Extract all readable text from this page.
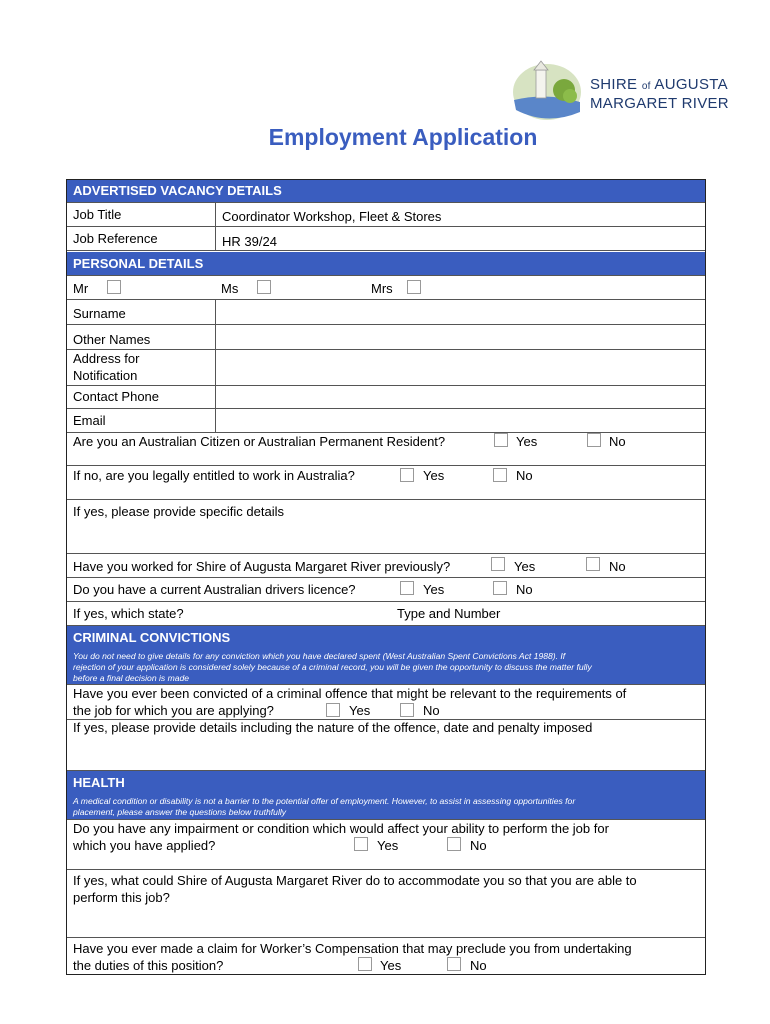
SHIRE of AUGUSTA
MARGARET RIVER
Employment Application
ADVERTISED VACANCY DETAILS
Job Title	Coordinator Workshop, Fleet & Stores
Job Reference	HR 39/24
PERSONAL DETAILS
Mr	Ms	Mrs
Surname
Other Names
Address for
Notification
Contact Phone
Email
Are you an Australian Citizen or Australian Permanent Resident?	Yes	No
If no, are you legally entitled to work in Australia?	Yes	No
If yes, please provide specific details
Have you worked for Shire of Augusta Margaret River previously?	Yes	No
Do you have a current Australian drivers licence?	Yes	No
If yes, which state?	Type and Number
CRIMINAL CONVICTIONS
You do not need to give details for any conviction which you have declared spent (West Australian Spent Convictions Act 1988). If
rejection of your application is considered solely because of a criminal record, you will be given the opportunity to discuss the matter fully
before a final decision is made
Have you ever been convicted of a criminal offence that might be relevant to the requirements of
the job for which you are applying?	Yes	No
If yes, please provide details including the nature of the offence, date and penalty imposed
HEALTH
A medical condition or disability is not a barrier to the potential offer of employment. However, to assist in assessing opportunities for
placement, please answer the questions below truthfully
Do you have any impairment or condition which would affect your ability to perform the job for
which you have applied?	Yes	No
If yes, what could Shire of Augusta Margaret River do to accommodate you so that you are able to
perform this job?
Have you ever made a claim for Worker’s Compensation that may preclude you from undertaking
the duties of this position?	Yes	No
